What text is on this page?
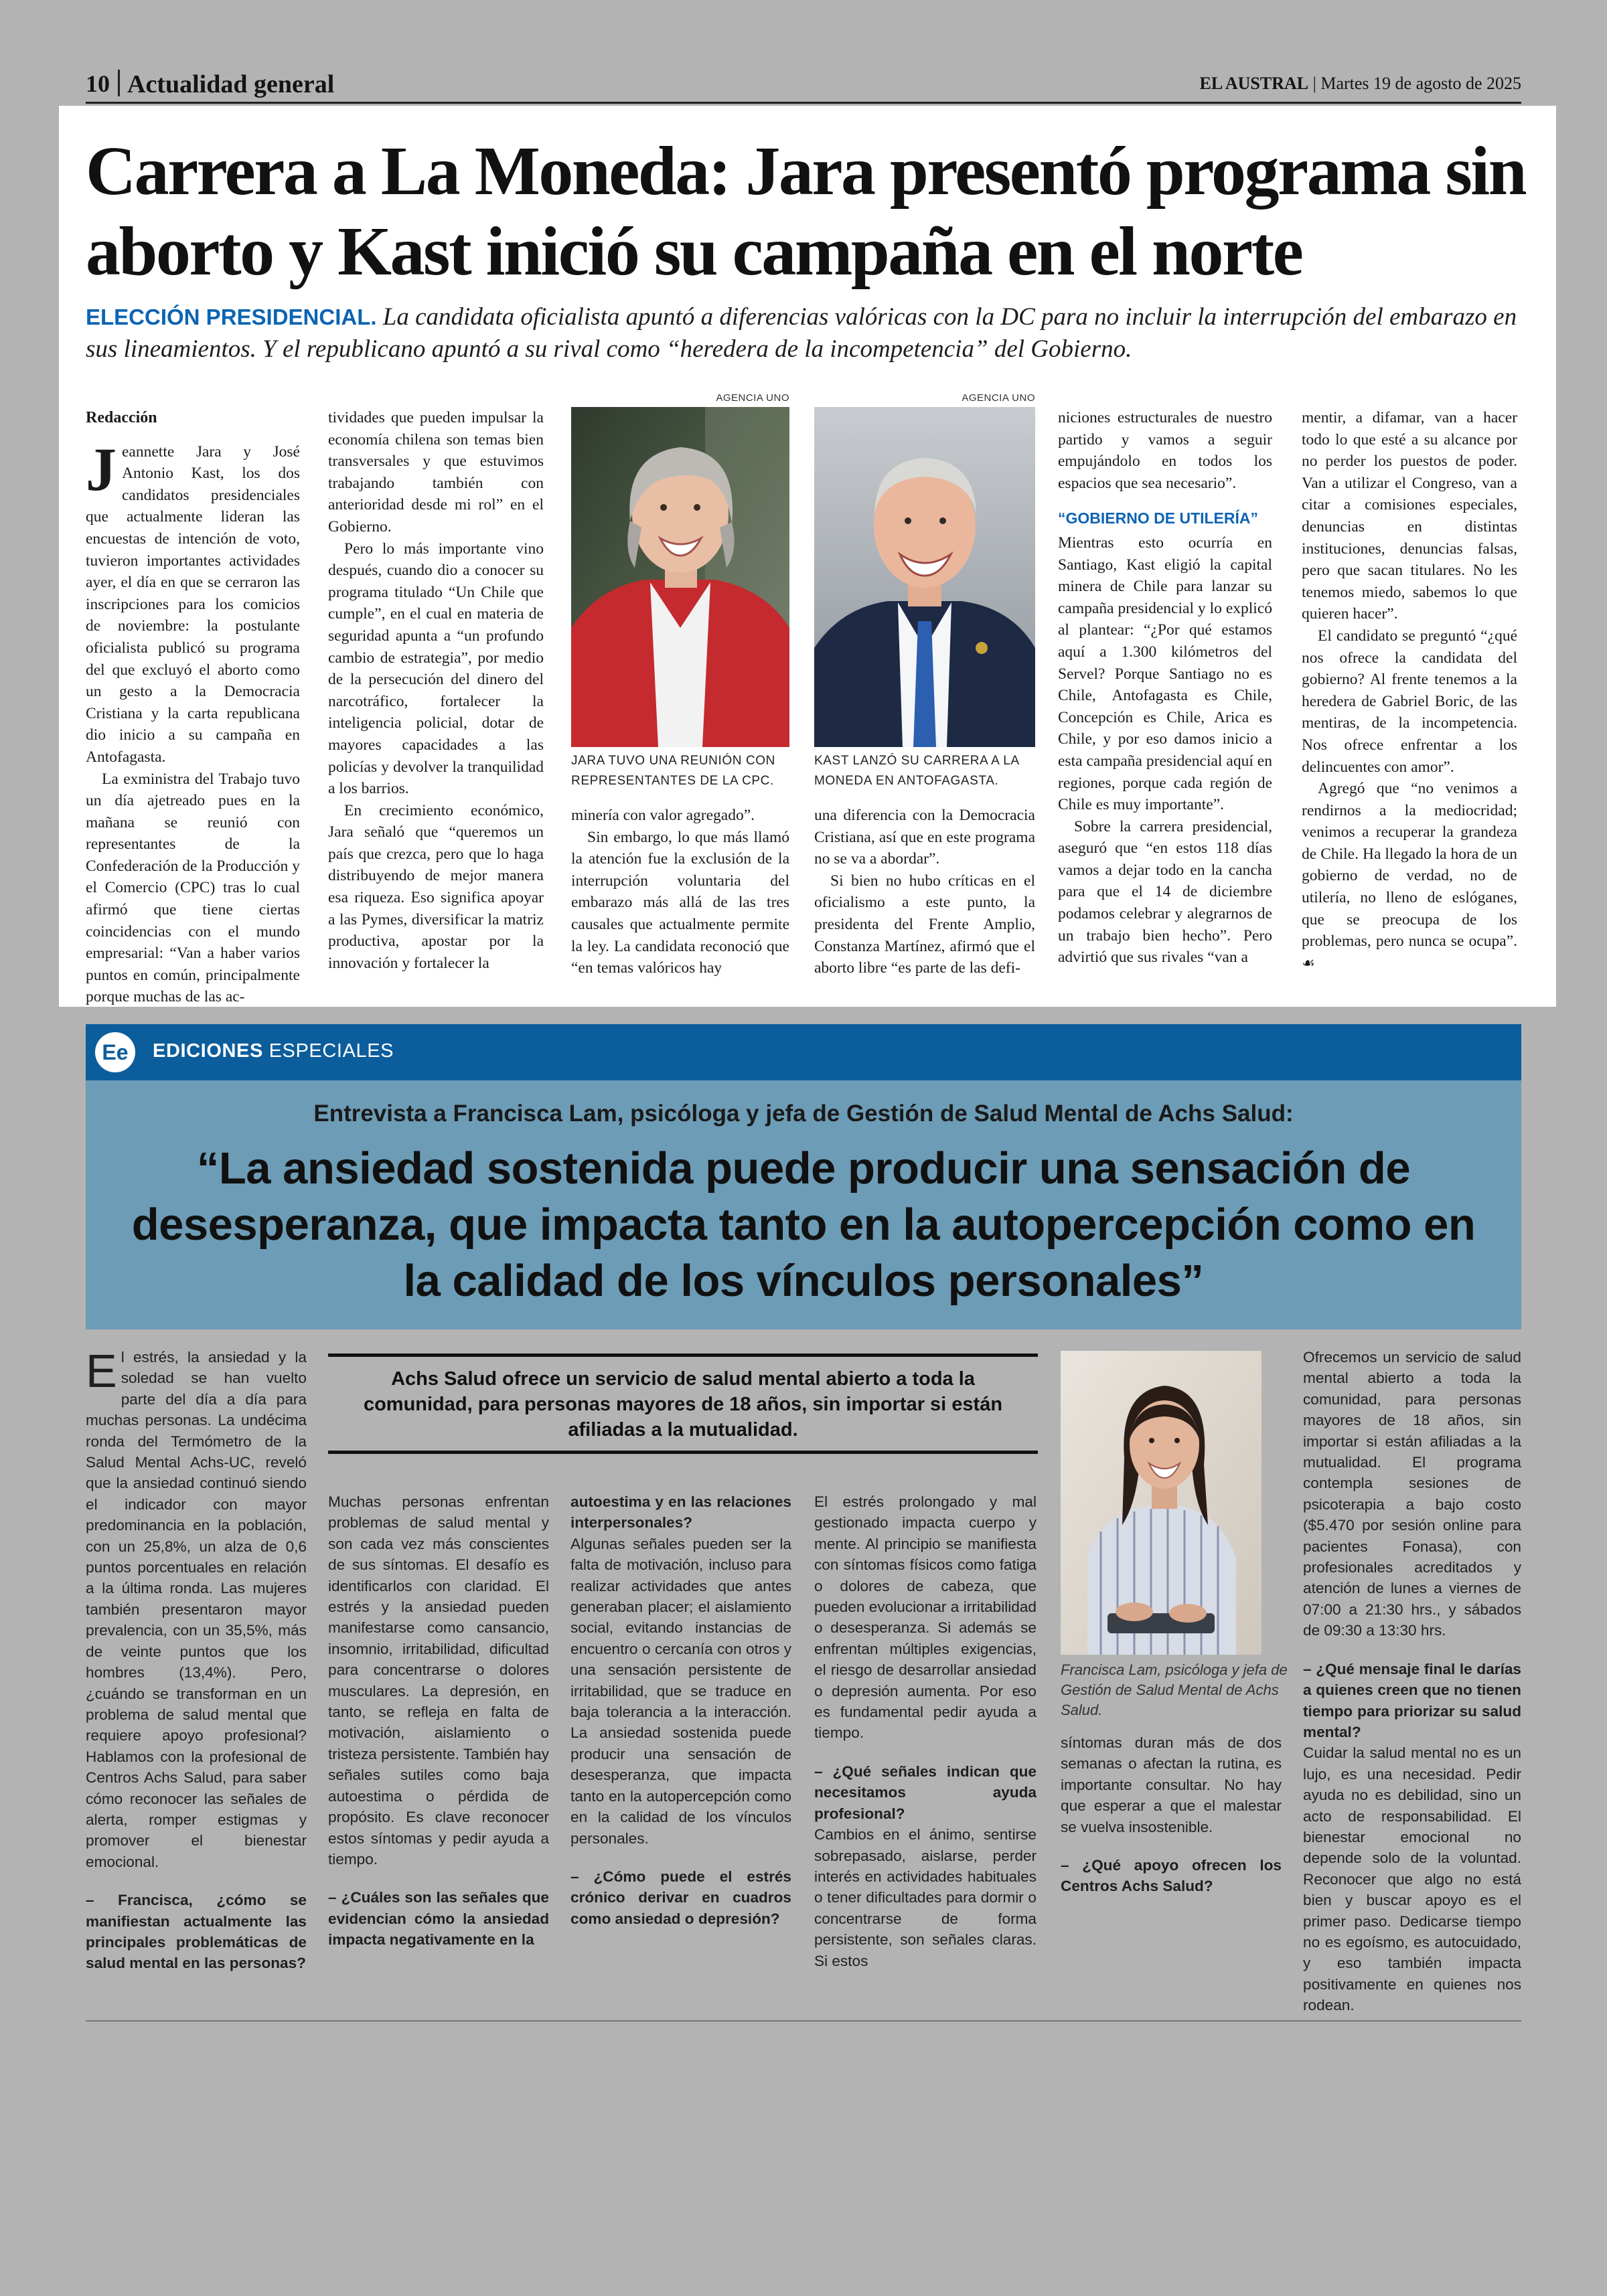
10 Actualidad general	EL AUSTRAL | Martes 19 de agosto de 2025
Carrera a La Moneda: Jara presentó programa sin aborto y Kast inició su campaña en el norte
ELECCIÓN PRESIDENCIAL. La candidata oficialista apuntó a diferencias valóricas con la DC para no incluir la interrupción del embarazo en sus lineamientos. Y el republicano apuntó a su rival como “heredera de la incompetencia” del Gobierno.
Redacción

Jeannette Jara y José Antonio Kast, los dos candidatos presidenciales que actualmente lideran las encuestas de intención de voto, tuvieron importantes actividades ayer, el día en que se cerraron las inscripciones para los comicios de noviembre: la postulante oficialista publicó su programa del que excluyó el aborto como un gesto a la Democracia Cristiana y la carta republicana dio inicio a su campaña en Antofagasta.

La exministra del Trabajo tuvo un día ajetreado pues en la mañana se reunió con representantes de la Confederación de la Producción y el Comercio (CPC) tras lo cual afirmó que tiene ciertas coincidencias con el mundo empresarial: “Van a haber varios puntos en común, principalmente porque muchas de las ac-

tividades que pueden impulsar la economía chilena son temas bien transversales y que estuvimos trabajando también con anterioridad desde mi rol” en el Gobierno.

Pero lo más importante vino después, cuando dio a conocer su programa titulado “Un Chile que cumple”, en el cual en materia de seguridad apunta a “un profundo cambio de estrategia”, por medio de la persecución del dinero del narcotráfico, fortalecer la inteligencia policial, dotar de mayores capacidades a las policías y devolver la tranquilidad a los barrios.

En crecimiento económico, Jara señaló que “queremos un país que crezca, pero que lo haga distribuyendo de mejor manera esa riqueza. Eso significa apoyar a las Pymes, diversificar la matriz productiva, apostar por la innovación y fortalecer la

AGENCIA UNO
JARA TUVO UNA REUNIÓN CON REPRESENTANTES DE LA CPC.
AGENCIA UNO
KAST LANZÓ SU CARRERA A LA MONEDA EN ANTOFAGASTA.

minería con valor agregado”.

Sin embargo, lo que más llamó la atención fue la exclusión de la interrupción voluntaria del embarazo más allá de las tres causales que actualmente permite la ley. La candidata reconoció que “en temas valóricos hay

una diferencia con la Democracia Cristiana, así que en este programa no se va a abordar”.

Si bien no hubo críticas en el oficialismo a este punto, la presidenta del Frente Amplio, Constanza Martínez, afirmó que el aborto libre “es parte de las defi-

niciones estructurales de nuestro partido y vamos a seguir empujándolo en todos los espacios que sea necesario”.

“GOBIERNO DE UTILERÍA”

Mientras esto ocurría en Santiago, Kast eligió la capital minera de Chile para lanzar su campaña presidencial y lo explicó al plantear: “¿Por qué estamos aquí a 1.300 kilómetros del Servel? Porque Santiago no es Chile, Antofagasta es Chile, Concepción es Chile, Arica es Chile, y por eso damos inicio a esta campaña presidencial aquí en regiones, porque cada región de Chile es muy importante”.

Sobre la carrera presidencial, aseguró que “en estos 118 días vamos a dejar todo en la cancha para que el 14 de diciembre podamos celebrar y alegrarnos de un trabajo bien hecho”. Pero advirtió que sus rivales “van a

mentir, a difamar, van a hacer todo lo que esté a su alcance por no perder los puestos de poder. Van a utilizar el Congreso, van a citar a comisiones especiales, denuncias en distintas instituciones, denuncias falsas, pero que sacan titulares. No les tenemos miedo, sabemos lo que quieren hacer”.

El candidato se preguntó “¿qué nos ofrece la candidata del gobierno? Al frente tenemos a la heredera de Gabriel Boric, de las mentiras, de la incompetencia. Nos ofrece enfrentar a los delincuentes con amor”.

Agregó que “no venimos a rendirnos a la mediocridad; venimos a recuperar la grandeza de Chile. Ha llegado la hora de un gobierno de verdad, no de utilería, no lleno de eslóganes, que se preocupa de los problemas, pero nunca se ocupa”. ☙

Ee	EDICIONES ESPECIALES
Entrevista a Francisca Lam, psicóloga y jefa de Gestión de Salud Mental de Achs Salud:
“La ansiedad sostenida puede producir una sensación de desesperanza, que impacta tanto en la autopercepción como en la calidad de los vínculos personales”
Achs Salud ofrece un servicio de salud mental abierto a toda la comunidad, para personas mayores de 18 años, sin importar si están afiliadas a la mutualidad.

El estrés, la ansiedad y la soledad se han vuelto parte del día a día para muchas personas. La undécima ronda del Termómetro de la Salud Mental Achs-UC, reveló que la ansiedad continuó siendo el indicador con mayor predominancia en la población, con un 25,8%, un alza de 0,6 puntos porcentuales en relación a la última ronda. Las mujeres también presentaron mayor prevalencia, con un 35,5%, más de veinte puntos que los hombres (13,4%). Pero, ¿cuándo se transforman en un problema de salud mental que requiere apoyo profesional? Hablamos con la profesional de Centros Achs Salud, para saber cómo reconocer las señales de alerta, romper estigmas y promover el bienestar emocional.

– Francisca, ¿cómo se manifiestan actualmente las principales problemáticas de salud mental en las personas?

Muchas personas enfrentan problemas de salud mental y son cada vez más conscientes de sus síntomas. El desafío es identificarlos con claridad. El estrés y la ansiedad pueden manifestarse como cansancio, insomnio, irritabilidad, dificultad para concentrarse o dolores musculares. La depresión, en tanto, se refleja en falta de motivación, aislamiento o tristeza persistente. También hay señales sutiles como baja autoestima o pérdida de propósito. Es clave reconocer estos síntomas y pedir ayuda a tiempo.

– ¿Cuáles son las señales que evidencian cómo la ansiedad impacta negativamente en la

autoestima y en las relaciones interpersonales?

Algunas señales pueden ser la falta de motivación, incluso para realizar actividades que antes generaban placer; el aislamiento social, evitando instancias de encuentro o cercanía con otros y una sensación persistente de irritabilidad, que se traduce en baja tolerancia a la interacción. La ansiedad sostenida puede producir una sensación de desesperanza, que impacta tanto en la autopercepción como en la calidad de los vínculos personales.

– ¿Cómo puede el estrés crónico derivar en cuadros como ansiedad o depresión?

El estrés prolongado y mal gestionado impacta cuerpo y mente. Al principio se manifiesta con síntomas físicos como fatiga o dolores de cabeza, que pueden evolucionar a irritabilidad o desesperanza. Si además se enfrentan múltiples exigencias, el riesgo de desarrollar ansiedad o depresión aumenta. Por eso es fundamental pedir ayuda a tiempo.

– ¿Qué señales indican que necesitamos ayuda profesional?

Cambios en el ánimo, sentirse sobrepasado, aislarse, perder interés en actividades habituales o tener dificultades para dormir o concentrarse de forma persistente, son señales claras. Si estos

Francisca Lam, psicóloga y jefa de Gestión de Salud Mental de Achs Salud.

síntomas duran más de dos semanas o afectan la rutina, es importante consultar. No hay que esperar a que el malestar se vuelva insostenible.

– ¿Qué apoyo ofrecen los Centros Achs Salud?

Ofrecemos un servicio de salud mental abierto a toda la comunidad, para personas mayores de 18 años, sin importar si están afiliadas a la mutualidad. El programa contempla sesiones de psicoterapia a bajo costo ($5.470 por sesión online para pacientes Fonasa), con profesionales acreditados y atención de lunes a viernes de 07:00 a 21:30 hrs., y sábados de 09:30 a 13:30 hrs.

– ¿Qué mensaje final le darías a quienes creen que no tienen tiempo para priorizar su salud mental?

Cuidar la salud mental no es un lujo, es una necesidad. Pedir ayuda no es debilidad, sino un acto de responsabilidad. El bienestar emocional no depende solo de la voluntad. Reconocer que algo no está bien y buscar apoyo es el primer paso. Dedicarse tiempo no es egoísmo, es autocuidado, y eso también impacta positivamente en quienes nos rodean.
